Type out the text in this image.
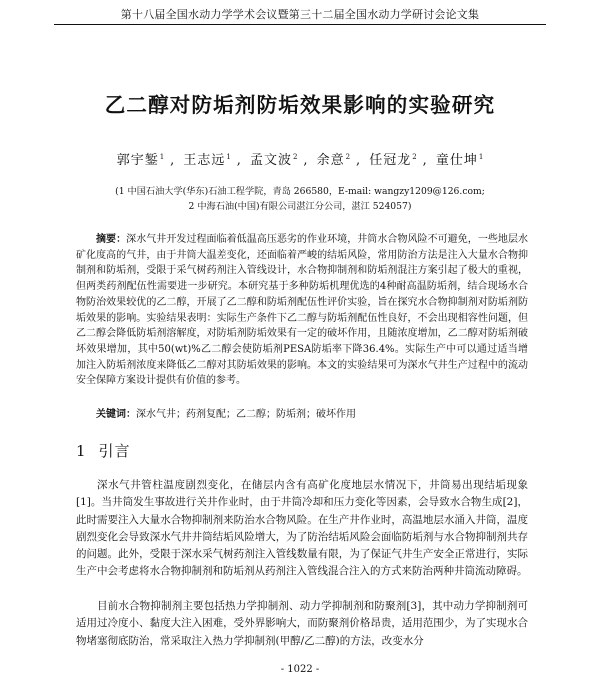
第十八届全国水动力学学术会议暨第三十二届全国水动力学研讨会论文集
乙二醇对防垢剂防垢效果影响的实验研究
郭宇錾$^1$ , 王志远$^1$ , 孟文波$^2$ , 余意$^2$ , 任冠龙$^2$ , 童仕坤$^1$
(1 中国石油大学(华东)石油工程学院，青岛 266580，E-mail: wangzy1209@126.com;
2 中海石油(中国)有限公司湛江分公司，湛江 524057)

摘要：深水气井开发过程面临着低温高压恶劣的作业环境，井筒水合物风险不可避免，一些地层水矿化度高的气井，由于井筒大温差变化，还面临着严峻的结垢风险，常用防治方法是注入大量水合物抑制剂和防垢剂，受限于采气树药剂注入管线设计，水合物抑制剂和防垢剂混注方案引起了极大的重视，但两类药剂配伍性需要进一步研究。本研究基于多种防垢机理优选的4种耐高温防垢剂，结合现场水合物防治效果较优的乙二醇，开展了乙二醇和防垢剂配伍性评价实验，旨在探究水合物抑制剂对防垢剂防垢效果的影响。实验结果表明：实际生产条件下乙二醇与防垢剂配伍性良好，不会出现相容性问题，但乙二醇会降低防垢剂溶解度，对防垢剂防垢效果有一定的破坏作用，且随浓度增加，乙二醇对防垢剂破坏效果增加，其中50(wt)%乙二醇会使防垢剂PESA防垢率下降36.4%。实际生产中可以通过适当增加注入防垢剂浓度来降低乙二醇对其防垢效果的影响。本文的实验结果可为深水气井生产过程中的流动安全保障方案设计提供有价值的参考。

关键词：深水气井；药剂复配；乙二醇；防垢剂；破坏作用

1 引言

深水气井管柱温度剧烈变化，在储层内含有高矿化度地层水情况下，井筒易出现结垢现象[1]。当井筒发生事故进行关井作业时，由于井筒冷却和压力变化等因素，会导致水合物生成[2]，此时需要注入大量水合物抑制剂来防治水合物风险。在生产井作业时，高温地层水涌入井筒，温度剧烈变化会导致深水气井井筒结垢风险增大，为了防治结垢风险会面临防垢剂与水合物抑制剂共存的问题。此外，受限于深水采气树药剂注入管线数量有限，为了保证气井生产安全正常进行，实际生产中会考虑将水合物抑制剂和防垢剂从药剂注入管线混合注入的方式来防治两种井筒流动障碍。

目前水合物抑制剂主要包括热力学抑制剂、动力学抑制剂和防聚剂[3]，其中动力学抑制剂可适用过冷度小、黏度大注入困难，受外界影响大，而防聚剂价格昂贵，适用范围少，为了实现水合物堵塞彻底防治，常采取注入热力学抑制剂(甲醇/乙二醇)的方法，改变水分

- 1022 -
